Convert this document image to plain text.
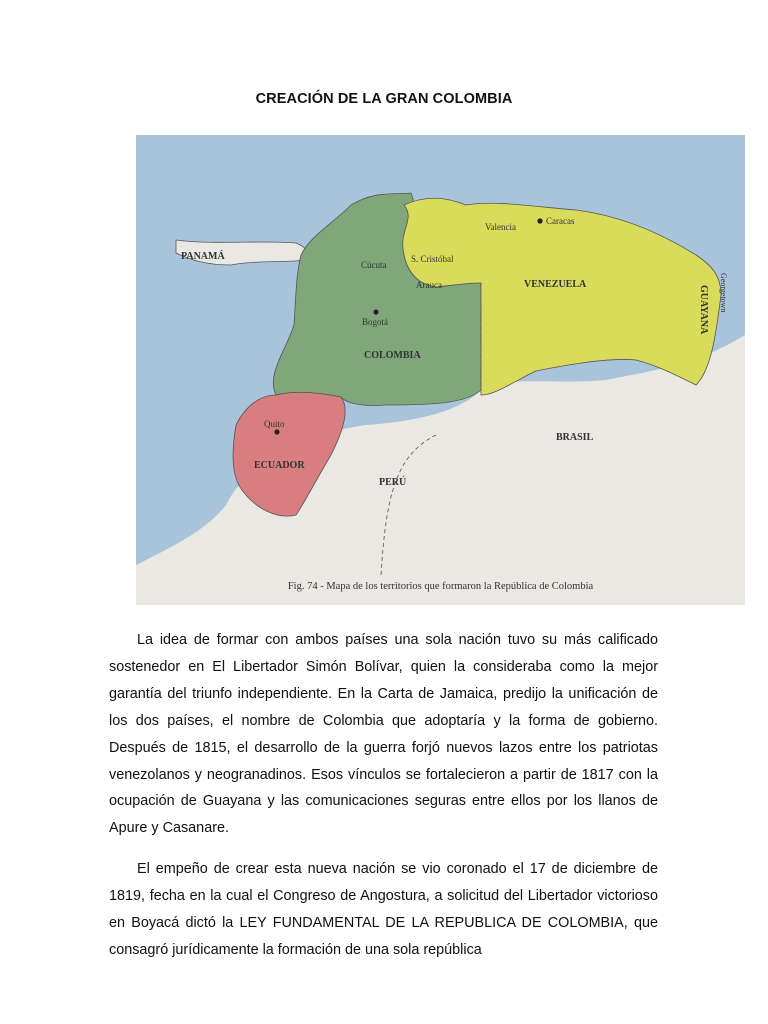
CREACIÓN DE LA GRAN COLOMBIA
PANAMÁ
COLOMBIA
VENEZUELA
GUAYANA
ECUADOR
PERÚ
BRASIL
Caracas
Valencia
Cúcuta
S. Cristóbal
Arauca
Bogotá
Quito
Georgetown
Fig. 74 - Mapa de los territorios que formaron la República de Colombia

La idea de formar con ambos países una sola nación tuvo su más calificado sostenedor en El Libertador Simón Bolívar, quien la consideraba como la mejor garantía del triunfo independiente. En la Carta de Jamaica, predijo la unificación de los dos países, el nombre de Colombia que adoptaría y la forma de gobierno. Después de 1815, el desarrollo de la guerra forjó nuevos lazos entre los patriotas venezolanos y neogranadinos. Esos vínculos se fortalecieron a partir de 1817 con la ocupación de Guayana y las comunicaciones seguras entre ellos por los llanos de Apure y Casanare.

El empeño de crear esta nueva nación se vio coronado el 17 de diciembre de 1819, fecha en la cual el Congreso de Angostura, a solicitud del Libertador victorioso en Boyacá dictó la LEY FUNDAMENTAL DE LA REPUBLICA DE COLOMBIA, que consagró jurídicamente la formación de una sola república
